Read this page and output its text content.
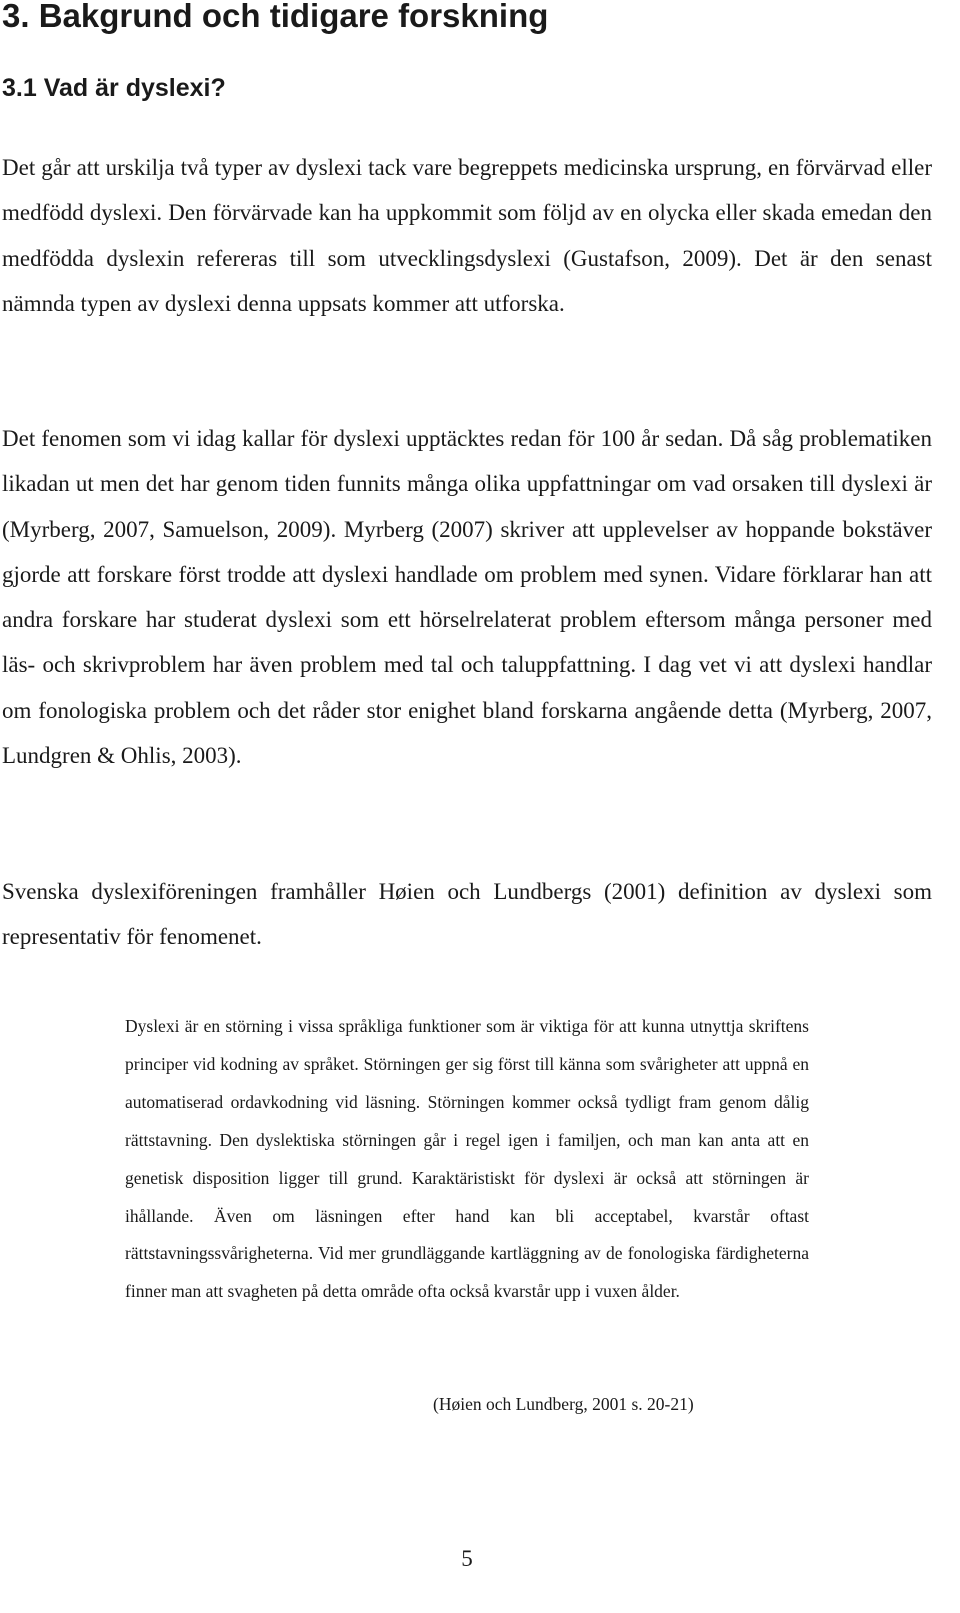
3. Bakgrund och tidigare forskning
3.1 Vad är dyslexi?

Det går att urskilja två typer av dyslexi tack vare begreppets medicinska ursprung, en förvärvad eller medfödd dyslexi. Den förvärvade kan ha uppkommit som följd av en olycka eller skada emedan den medfödda dyslexin refereras till som utvecklingsdyslexi (Gustafson, 2009). Det är den senast nämnda typen av dyslexi denna uppsats kommer att utforska.

Det fenomen som vi idag kallar för dyslexi upptäcktes redan för 100 år sedan. Då såg problematiken likadan ut men det har genom tiden funnits många olika uppfattningar om vad orsaken till dyslexi är (Myrberg, 2007, Samuelson, 2009). Myrberg (2007) skriver att upplevelser av hoppande bokstäver gjorde att forskare först trodde att dyslexi handlade om problem med synen. Vidare förklarar han att andra forskare har studerat dyslexi som ett hörselrelaterat problem eftersom många personer med läs- och skrivproblem har även problem med tal och taluppfattning. I dag vet vi att dyslexi handlar om fonologiska problem och det råder stor enighet bland forskarna angående detta (Myrberg, 2007, Lundgren & Ohlis, 2003).

Svenska dyslexiföreningen framhåller Høien och Lundbergs (2001) definition av dyslexi som representativ för fenomenet.

Dyslexi är en störning i vissa språkliga funktioner som är viktiga för att kunna utnyttja skriftens principer vid kodning av språket. Störningen ger sig först till känna som svårigheter att uppnå en automatiserad ordavkodning vid läsning. Störningen kommer också tydligt fram genom dålig rättstavning. Den dyslektiska störningen går i regel igen i familjen, och man kan anta att en genetisk disposition ligger till grund. Karaktäristiskt för dyslexi är också att störningen är ihållande. Även om läsningen efter hand kan bli acceptabel, kvarstår oftast rättstavningssvårigheterna. Vid mer grundläggande kartläggning av de fonologiska färdigheterna finner man att svagheten på detta område ofta också kvarstår upp i vuxen ålder.

(Høien och Lundberg, 2001 s. 20-21)

5
